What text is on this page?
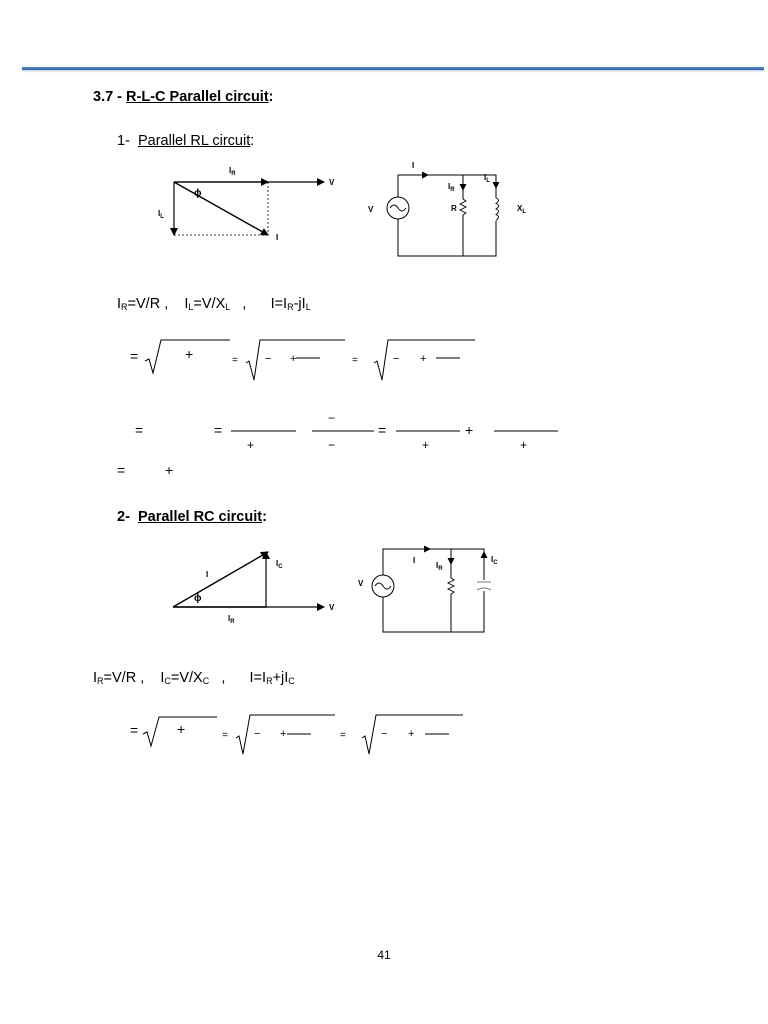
3.7 - R-L-C Parallel circuit:
1- Parallel RL circuit:
$I_R$
V
$I_L$
I
ϕ
I
$I_R$
$I_L$
V	R	$X_L$
$I_R=V/R$ , $I_L=V/X_L$ , $I=I_R-jI_L$
=	+	= − +	=	− +
=	=
+
−
−
=
+
+
+
=	+
2- Parallel RC circuit:
$I_C$
I
ϕ
V
$I_R$
I
$I_R$
$I_C$
V
$I_R=V/R$ , $I_C=V/X_C$ , $I=I_R+jI_C$
=	+	= − +	=	− +
41
